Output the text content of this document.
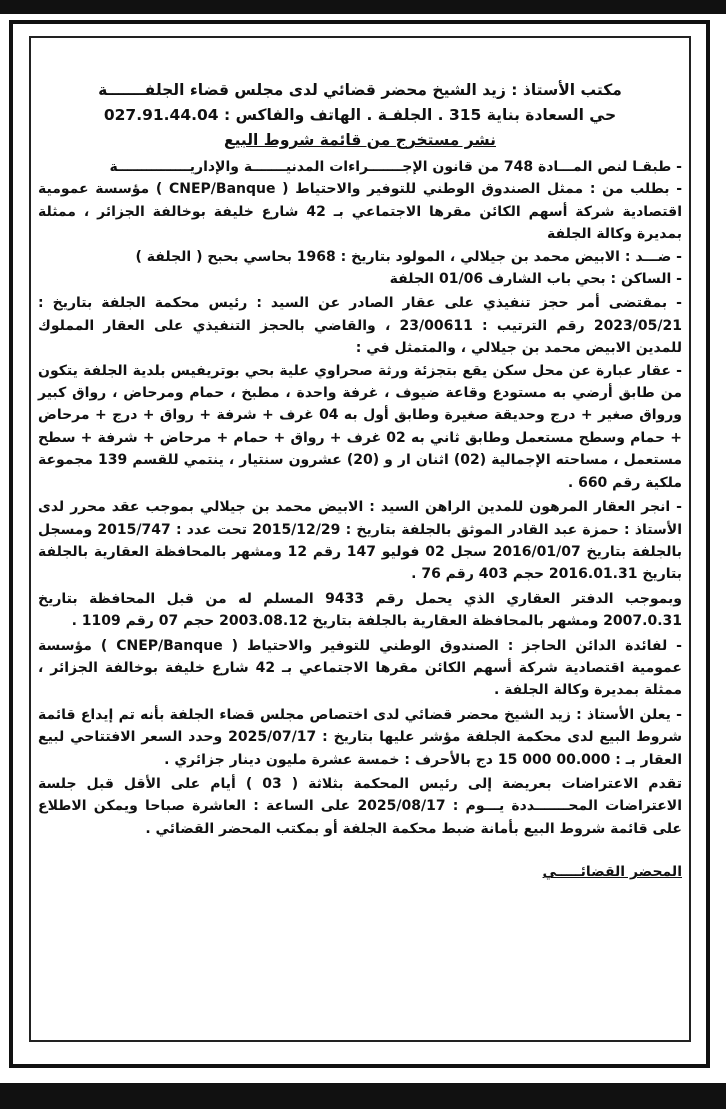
مكتب الأستاذ : زيد الشيخ محضر قضائي لدى مجلس قضاء الجلفـــــــة

حي السعادة بناية 315 . الجلفـة . الهاتف والفاكس : 027.91.44.04

نشر مستخرج من قائمة شروط البيع

- طبقـا لنص المـــادة 748 من قانون الإجـــــــراءات المدنيـــــــة والإداريـــــــــــــــة

- بطلب من : ممثل الصندوق الوطني للتوفير والاحتياط ( CNEP/Banque ) مؤسسة عمومية اقتصادية شركة أسهم الكائن مقرها الاجتماعي بـ 42 شارع خليفة بوخالفة الجزائر ، ممثلة بمديرة وكالة الجلفة

- ضـــد : الابيض محمد بن جيلالي ، المولود بتاريخ : 1968 بحاسي بحبح ( الجلفة )

- الساكن : بحي باب الشارف 01/06 الجلفة

- بمقتضى أمر حجز تنفيذي على عقار الصادر عن السيد : رئيس محكمة الجلفة بتاريخ : 2023/05/21 رقم الترتيب : 23/00611 ، والقاضي بالحجز التنفيذي على العقار المملوك للمدين الابيض محمد بن جيلالي ، والمتمثل في :

- عقار عبارة عن محل سكن يقع بتجزئة ورثة صحراوي علية بحي بوتريفيس بلدية الجلفة يتكون من طابق أرضي به مستودع وقاعة ضيوف ، غرفة واحدة ، مطبخ ، حمام ومرحاض ، رواق كبير ورواق صغير + درج وحديقة صغيرة وطابق أول به 04 غرف + شرفة + رواق + درج + مرحاض + حمام وسطح مستعمل وطابق ثاني به 02 غرف + رواق + حمام + مرحاض + شرفة + سطح مستعمل ، مساحته الإجمالية (02) اثنان ار و (20) عشرون سنتيار ، ينتمي للقسم 139 مجموعة ملكية رقم 660 .

- انجر العقار المرهون للمدين الراهن السيد : الابيض محمد بن جيلالي بموجب عقد محرر لدى الأستاذ : حمزة عبد القادر الموثق بالجلفة بتاريخ : 2015/12/29 تحت عدد : 2015/747 ومسجل بالجلفة بتاريخ 2016/01/07 سجل 02 فوليو 147 رقم 12 ومشهر بالمحافظة العقارية بالجلفة بتاريخ 2016.01.31 حجم 403 رقم 76 .

وبموجب الدفتر العقاري الذي يحمل رقم 9433 المسلم له من قبل المحافظة بتاريخ 2007.0.31 ومشهر بالمحافظة العقارية بالجلفة بتاريخ 2003.08.12 حجم 07 رقم 1109 .

- لفائدة الدائن الحاجز : الصندوق الوطني للتوفير والاحتياط ( CNEP/Banque ) مؤسسة عمومية اقتصادية شركة أسهم الكائن مقرها الاجتماعي بـ 42 شارع خليفة بوخالفة الجزائر ، ممثلة بمديرة وكالة الجلفة .

- يعلن الأستاذ : زيد الشيخ محضر قضائي لدى اختصاص مجلس قضاء الجلفة بأنه تم إيداع قائمة شروط البيع لدى محكمة الجلفة مؤشر عليها بتاريخ : 2025/07/17 وحدد السعر الافتتاحي لبيع العقار بـ : 00.000 000 15 دج بالأحرف : خمسة عشرة مليون دينار جزائري .

تقدم الاعتراضات بعريضة إلى رئيس المحكمة بثلاثة ( 03 ) أيام على الأقل قبل جلسة الاعتراضات المحـــــــددة يـــوم : 2025/08/17 على الساعة : العاشرة صباحا ويمكن الاطلاع على قائمة شروط البيع بأمانة ضبط محكمة الجلفة أو بمكتب المحضر القضائي .

المحضر القضائـــــي
